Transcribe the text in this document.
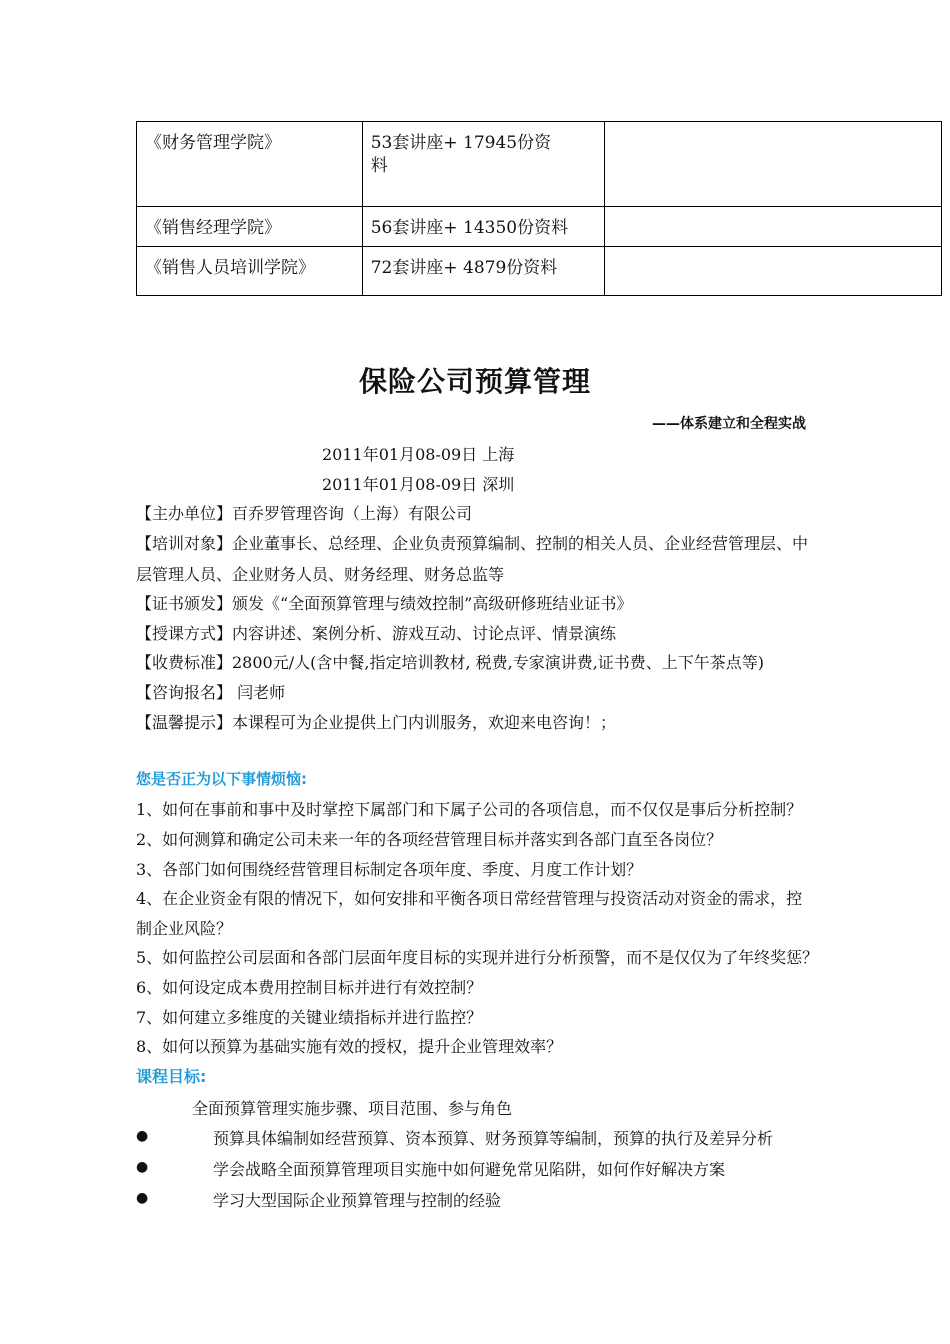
《财务管理学院》	53套讲座+ 17945份资
料	

《销售经理学院》	56套讲座+ 14350份资料	
《销售人员培训学院》	72套讲座+ 4879份资料	
保险公司预算管理
——体系建立和全程实战
2011年01月08-09日 上海
2011年01月08-09日 深圳
【主办单位】百乔罗管理咨询（上海）有限公司
【培训对象】企业董事长、总经理、企业负责预算编制、控制的相关人员、企业经营管理层、中
层管理人员、企业财务人员、财务经理、财务总监等
【证书颁发】颁发《“全面预算管理与绩效控制”高级研修班结业证书》
【授课方式】内容讲述、案例分析、游戏互动、讨论点评、情景演练
【收费标准】2800元/人(含中餐,指定培训教材, 税费,专家演讲费,证书费、上下午茶点等)
【咨询报名】 闫老师
【温馨提示】本课程可为企业提供上门内训服务，欢迎来电咨询！；
您是否正为以下事情烦恼:
1、如何在事前和事中及时掌控下属部门和下属子公司的各项信息，而不仅仅是事后分析控制？
2、如何测算和确定公司未来一年的各项经营管理目标并落实到各部门直至各岗位？
3、各部门如何围绕经营管理目标制定各项年度、季度、月度工作计划？
4、在企业资金有限的情况下，如何安排和平衡各项日常经营管理与投资活动对资金的需求，控
制企业风险？
5、如何监控公司层面和各部门层面年度目标的实现并进行分析预警，而不是仅仅为了年终奖惩？
6、如何设定成本费用控制目标并进行有效控制？
7、如何建立多维度的关键业绩指标并进行监控？
8、如何以预算为基础实施有效的授权，提升企业管理效率？
课程目标:
全面预算管理实施步骤、项目范围、参与角色
●	预算具体编制如经营预算、资本预算、财务预算等编制，预算的执行及差异分析
●	学会战略全面预算管理项目实施中如何避免常见陷阱，如何作好解决方案
●	学习大型国际企业预算管理与控制的经验
